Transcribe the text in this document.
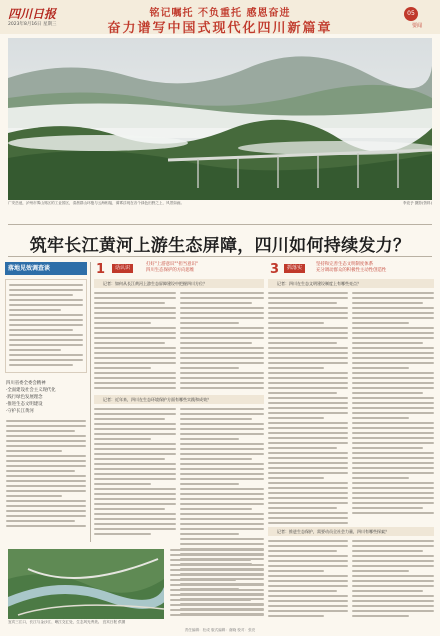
四川日报
2023年8月16日 星期三
铭记嘱托 不负重托 感恩奋进
奋力谱写中国式现代化四川新篇章
05
要闻
广安岳池，泸州市雾山郊区的工业园区，清晨群山环抱与云海相接，薄雾浮现在各个绿色田野之上，风景如画。	李竞予 摄影(资料)
筑牢长江黄河上游生态屏障，四川如何持续发力？
落地见效调查谈
四川省委全委会精神
·全面建设社会主义现代化
·践行绿色发展理念
·推进生态文明建设
·守护长江黄河
1	话认识
打好"上游意识""担当意识"
四川生态保护的方向思维
记者：如何从长江黄河上游生态屏障建设中把握四川方位？
记者：近年来，四川在生态环境保护方面有哪些实践和成效？
3	抓落实
坚持和完善生态文明制度体系
充分调动群众的积极性主动性创造性
记者：四川在生态文明建设制度上有哪些亮点？
记者：推进生态保护，需要动员全社会力量，四川有哪些探索？
宜宾三江口，长江与金沙江、岷江交汇处，生态风光秀美。 宜宾日报 供图
责任编辑：杜成 版式编辑：谢晓 校对：张亮
